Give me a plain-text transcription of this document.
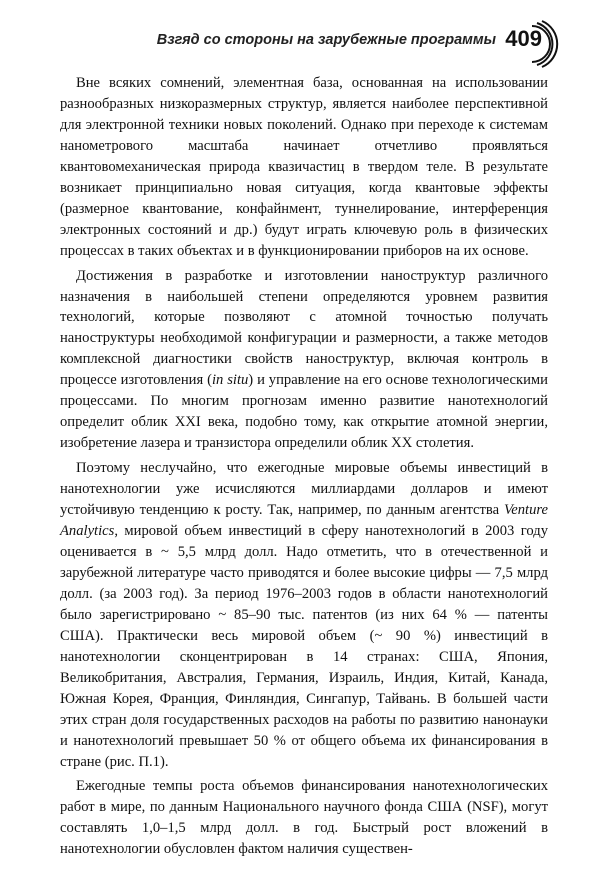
Взгяд со стороны на зарубежные программы 409

Вне всяких сомнений, элементная база, основанная на использовании разнообразных низкоразмерных структур, является наиболее перспективной для электронной техники новых поколений. Однако при переходе к системам нанометрового масштаба начинает отчетливо проявляться квантовомеханическая природа квазичастиц в твердом теле. В результате возникает принципиально новая ситуация, когда квантовые эффекты (размерное квантование, конфайнмент, туннелирование, интерференция электронных состояний и др.) будут играть ключевую роль в физических процессах в таких объектах и в функционировании приборов на их основе.

Достижения в разработке и изготовлении наноструктур различного назначения в наибольшей степени определяются уровнем развития технологий, которые позволяют с атомной точностью получать наноструктуры необходимой конфигурации и размерности, а также методов комплексной диагностики свойств наноструктур, включая контроль в процессе изготовления (in situ) и управление на его основе технологическими процессами. По многим прогнозам именно развитие нанотехнологий определит облик XXI века, подобно тому, как открытие атомной энергии, изобретение лазера и транзистора определили облик XX столетия.

Поэтому неслучайно, что ежегодные мировые объемы инвестиций в нанотехнологии уже исчисляются миллиардами долларов и имеют устойчивую тенденцию к росту. Так, например, по данным агентства Venture Analytics, мировой объем инвестиций в сферу нанотехнологий в 2003 году оценивается в ~ 5,5 млрд долл. Надо отметить, что в отечественной и зарубежной литературе часто приводятся и более высокие цифры — 7,5 млрд долл. (за 2003 год). За период 1976–2003 годов в области нанотехнологий было зарегистрировано ~ 85–90 тыс. патентов (из них 64 % — патенты США). Практически весь мировой объем (~ 90 %) инвестиций в нанотехнологии сконцентрирован в 14 странах: США, Япония, Великобритания, Австралия, Германия, Израиль, Индия, Китай, Канада, Южная Корея, Франция, Финляндия, Сингапур, Тайвань. В большей части этих стран доля государственных расходов на работы по развитию нанонауки и нанотехнологий превышает 50 % от общего объема их финансирования в стране (рис. П.1).

Ежегодные темпы роста объемов финансирования нанотехнологических работ в мире, по данным Национального научного фонда США (NSF), могут составлять 1,0–1,5 млрд долл. в год. Быстрый рост вложений в нанотехнологии обусловлен фактом наличия существен-
